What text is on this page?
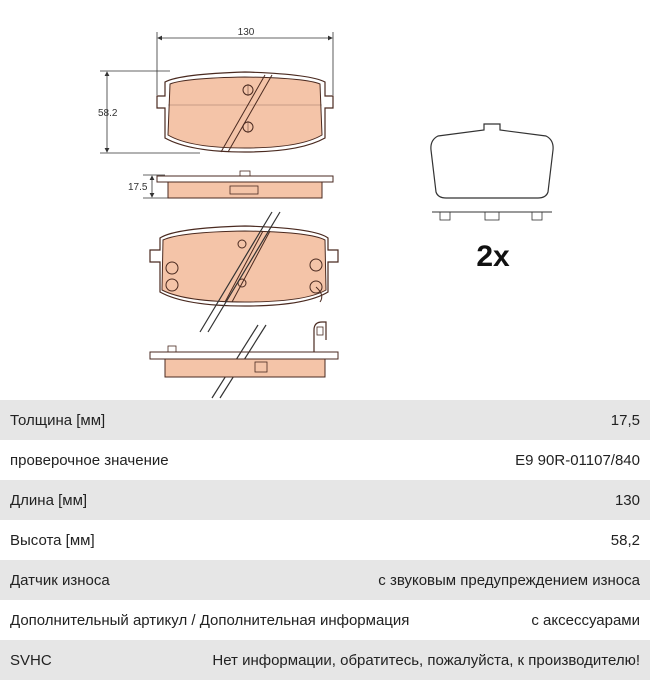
130
58.2
17.5
2x
Толщина [мм]	17,5
проверочное значение	E9 90R-01107/840
Длина [мм]	130
Высота [мм]	58,2
Датчик износа	с звуковым предупреждением износа
Дополнительный артикул / Дополнительная информация	с аксессуарами
SVHC	Нет информации, обратитесь, пожалуйста, к производителю!
